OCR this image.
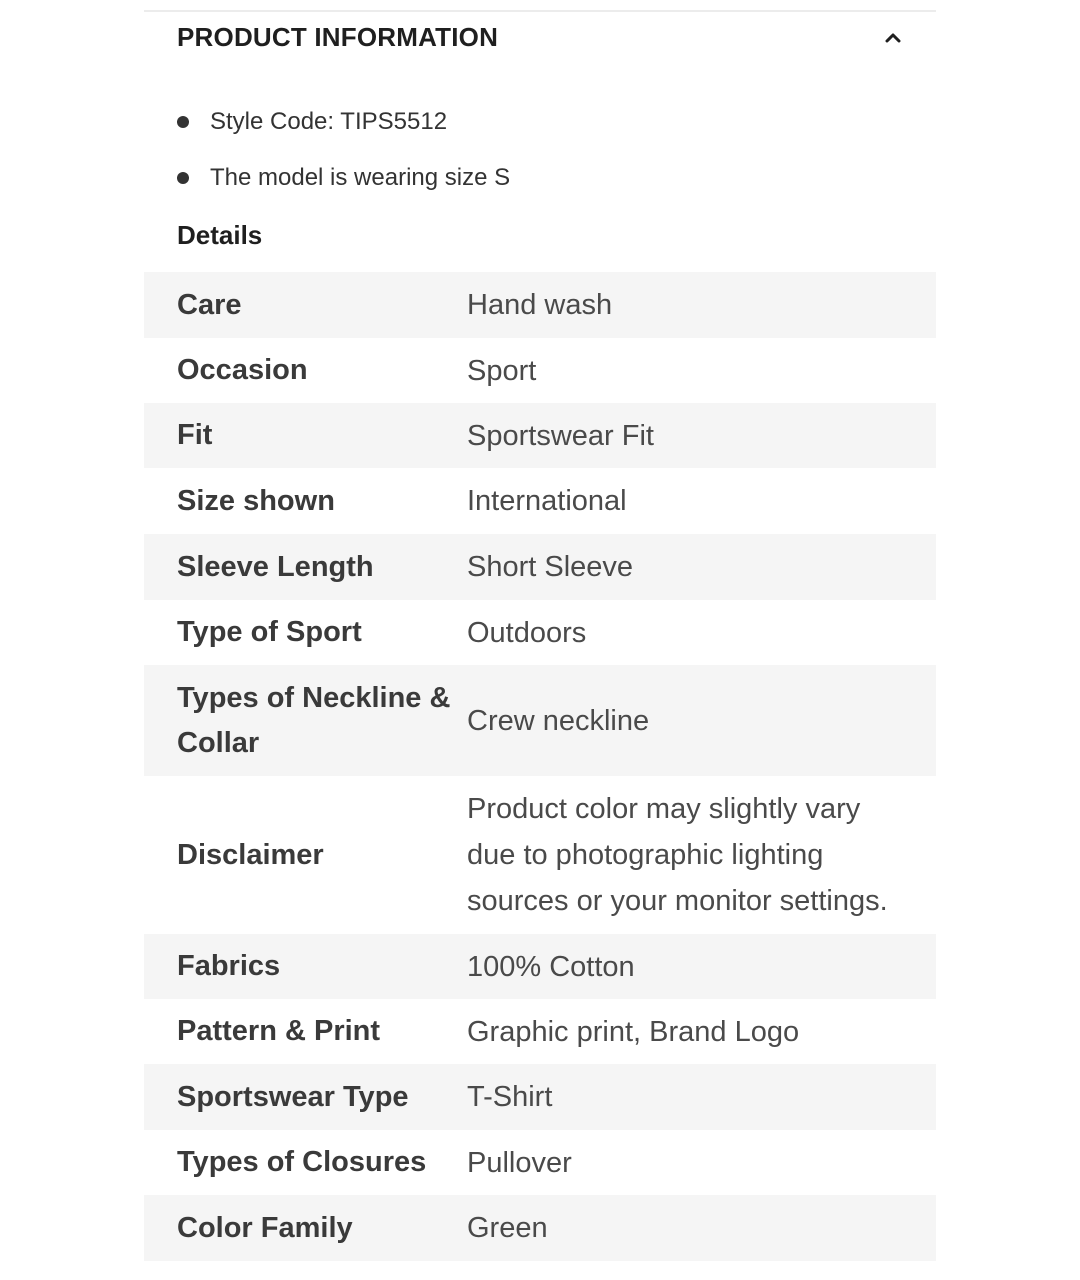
PRODUCT INFORMATION
Style Code: TIPS5512
The model is wearing size S
Details
Care	Hand wash
Occasion	Sport
Fit	Sportswear Fit
Size shown	International
Sleeve Length	Short Sleeve
Type of Sport	Outdoors
Types of Neckline & Collar	Crew neckline
Disclaimer	Product color may slightly vary due to photographic lighting sources or your monitor settings.
Fabrics	100% Cotton
Pattern & Print	Graphic print, Brand Logo
Sportswear Type	T-Shirt
Types of Closures	Pullover
Color Family	Green
